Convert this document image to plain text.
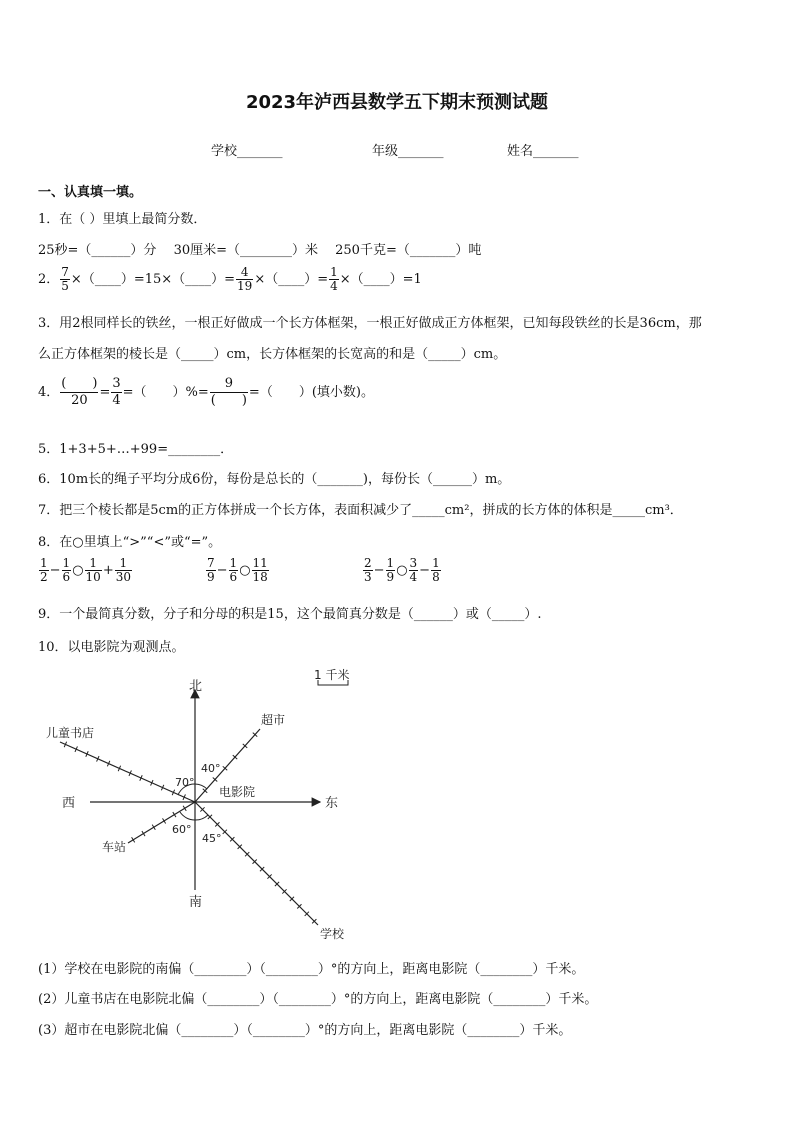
2023年泸西县数学五下期末预测试题
学校_______	年级_______	姓名_______
一、认真填一填。
1．在（ ）里填上最简分数．
25秒=（______）分　 30厘米=（________）米　 250千克=（_______）吨
2． $\frac{7}{5}$ ×（____）=15×（____）= $\frac{4}{19}$ ×（____）= $\frac{1}{4}$ ×（____）=1
3．用2根同样长的铁丝，一根正好做成一个长方体框架，一根正好做成正方体框架，已知每段铁丝的长是36cm，那
么正方体框架的棱长是（_____）cm，长方体框架的长宽高的和是（_____）cm。
4． $\frac{( )}{20} = \frac{3}{4}$ =（　　）%= $\frac{9}{( )}$ =（　　）(填小数)。
5．1+3+5+…+99=________．
6．10m长的绳子平均分成6份，每份是总长的（_______)，每份长（______）m。
7．把三个棱长都是5cm的正方体拼成一个长方体，表面积减少了_____cm²，拼成的长方体的体积是_____cm³．
8．在○里填上“>”“<”或“=”。
$\frac{1}{2} - \frac{1}{6}$ ○ $\frac{1}{10} + \frac{1}{30}$	$\frac{7}{9} - \frac{1}{6}$ ○ $\frac{11}{18}$	$\frac{2}{3} - \frac{1}{9}$ ○ $\frac{3}{4} - \frac{1}{8}$
9．一个最简真分数，分子和分母的积是15，这个最简真分数是（______）或（_____）.
10．以电影院为观测点。
1 千米
北
南
东
西
电影院
超市
儿童书店
车站
学校
40°
70°
60°
45°
(1）学校在电影院的南偏（________）（________）°的方向上，距离电影院（________）千米。
(2）儿童书店在电影院北偏（________）（________）°的方向上，距离电影院（________）千米。
(3）超市在电影院北偏（________）（________）°的方向上，距离电影院（________）千米。
